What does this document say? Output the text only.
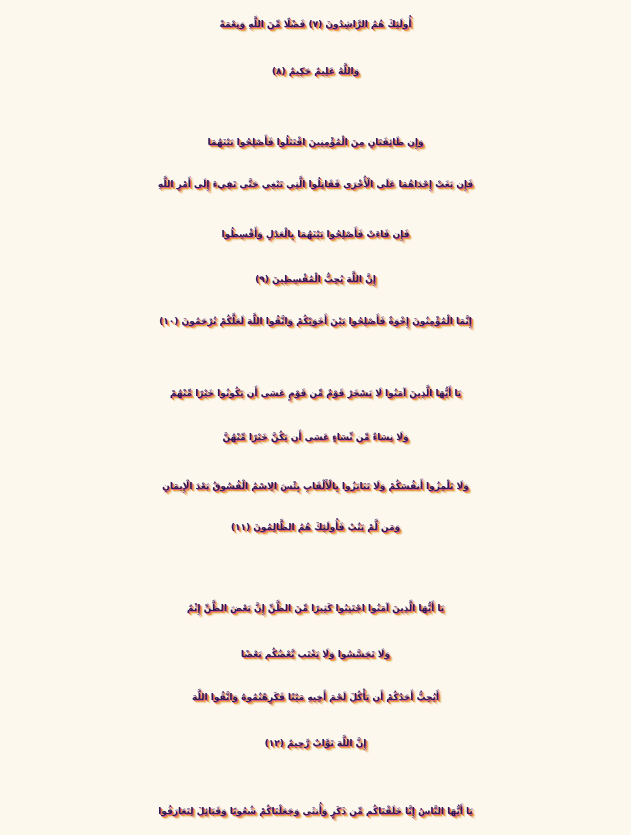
أُولَئِكَ هُمُ الرَّاشِدُونَ (٧) فَضْلًا مِّنَ اللَّهِ وَنِعْمَةً
وَاللَّهُ عَلِيمٌ حَكِيمٌ (٨)
وَإِن طَائِفَتَانِ مِنَ الْمُؤْمِنِينَ اقْتَتَلُوا فَأَصْلِحُوا بَيْنَهُمَا
فَإِن بَغَتْ إِحْدَاهُمَا عَلَى الْأُخْرَى فَقَاتِلُوا الَّتِي تَبْغِي حَتَّى تَفِيءَ إِلَى أَمْرِ اللَّهِ
فَإِن فَاءَتْ فَأَصْلِحُوا بَيْنَهُمَا بِالْعَدْلِ وَأَقْسِطُوا
إِنَّ اللَّهَ يُحِبُّ الْمُقْسِطِينَ (٩)
إِنَّمَا الْمُؤْمِنُونَ إِخْوَةٌ فَأَصْلِحُوا بَيْنَ أَخَوَيْكُمْ وَاتَّقُوا اللَّهَ لَعَلَّكُمْ تُرْحَمُونَ (١٠)
يَا أَيُّهَا الَّذِينَ آمَنُوا لَا يَسْخَرْ قَوْمٌ مِّن قَوْمٍ عَسَى أَن يَكُونُوا خَيْرًا مِّنْهُمْ
وَلَا نِسَاءٌ مِّن نِّسَاءٍ عَسَى أَن يَكُنَّ خَيْرًا مِّنْهُنَّ
وَلَا تَلْمِزُوا أَنفُسَكُمْ وَلَا تَنَابَزُوا بِالْأَلْقَابِ بِئْسَ الِاسْمُ الْفُسُوقُ بَعْدَ الْإِيمَانِ
وَمَن لَّمْ يَتُبْ فَأُولَئِكَ هُمُ الظَّالِمُونَ (١١)
يَا أَيُّهَا الَّذِينَ آمَنُوا اجْتَنِبُوا كَثِيرًا مِّنَ الظَّنِّ إِنَّ بَعْضَ الظَّنِّ إِثْمٌ
وَلَا تَجَسَّسُوا وَلَا يَغْتَب بَّعْضُكُم بَعْضًا
أَيُحِبُّ أَحَدُكُمْ أَن يَأْكُلَ لَحْمَ أَخِيهِ مَيْتًا فَكَرِهْتُمُوهُ وَاتَّقُوا اللَّهَ
إِنَّ اللَّهَ تَوَّابٌ رَّحِيمٌ (١٢)
يَا أَيُّهَا النَّاسُ إِنَّا خَلَقْنَاكُم مِّن ذَكَرٍ وَأُنثَى وَجَعَلْنَاكُمْ شُعُوبًا وَقَبَائِلَ لِتَعَارَفُوا
